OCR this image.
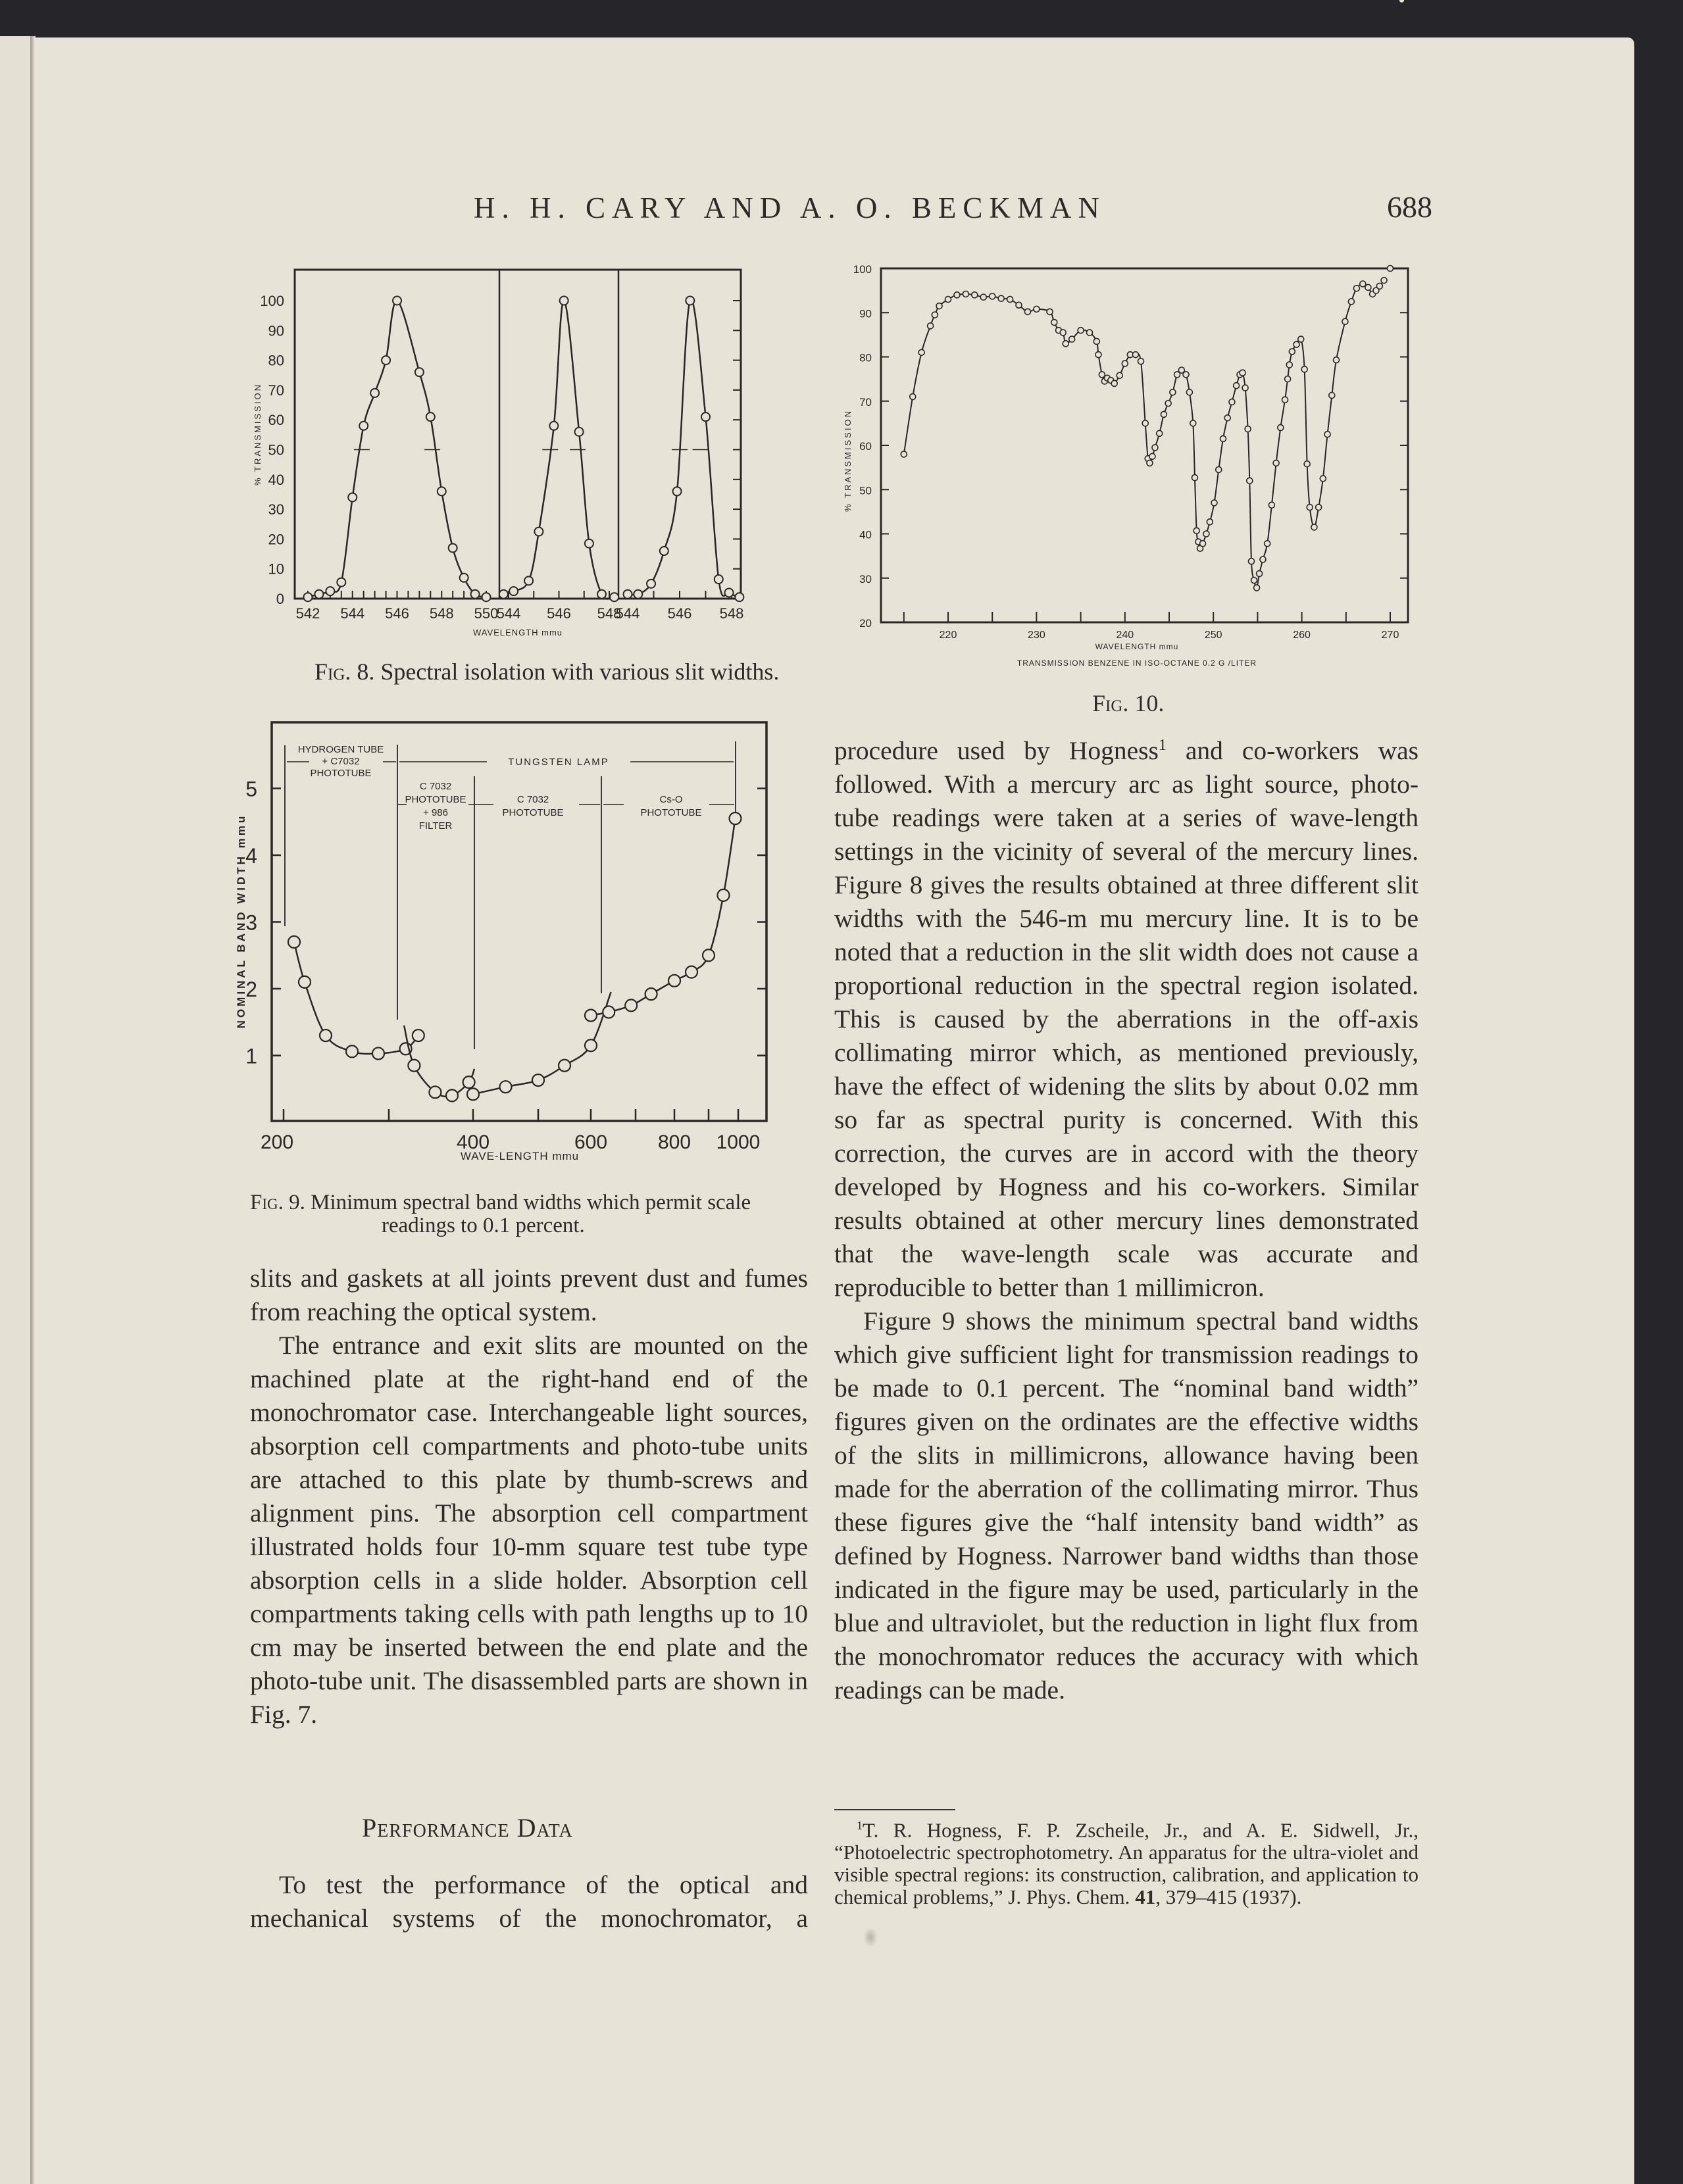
H. H. CARY AND A. O. BECKMAN	688
0
10
20
30
40
50
60
70
80
90
100
% TRANSMISSION
WAVELENGTH mmu
542 544 546 548 550
544 546 548
544 546 548
1
2
3
4
5
200	400	600	800 1000
NOMINAL BAND WIDTH mmu
WAVE-LENGTH mmu
HYDROGEN TUBE
+ C7032
PHOTOTUBE
TUNGSTEN LAMP
C 7032
PHOTOTUBE
+ 986
FILTER
C 7032
PHOTOTUBE
Cs-O
PHOTOTUBE
20
30
40
50
60
70
80
90
100
220	230	240	250	260	270
% TRANSMISSION
WAVELENGTH mmu
TRANSMISSION BENZENE IN ISO-OCTANE 0.2 G /LITER
Fig. 8. Spectral isolation with various slit widths.
Fig. 9. Minimum spectral band widths which permit scale
readings to 0.1 percent.
Fig. 10.

slits and gaskets at all joints prevent dust and fumes from reaching the optical system.

The entrance and exit slits are mounted on the machined plate at the right-hand end of the monochromator case. Interchangeable light sources, absorption cell compartments and photo-tube units are attached to this plate by thumb-screws and alignment pins. The absorption cell compartment illustrated holds four 10-mm square test tube type absorption cells in a slide holder. Absorption cell compartments taking cells with path lengths up to 10 cm may be inserted between the end plate and the photo-tube unit. The disassembled parts are shown in Fig. 7.

Performance Data

To test the performance of the optical and mechanical systems of the monochromator, a

procedure used by Hogness$^1$ and co-workers was followed. With a mercury arc as light source, photo-tube readings were taken at a series of wave-length settings in the vicinity of several of the mercury lines. Figure 8 gives the results obtained at three different slit widths with the 546-m mu mercury line. It is to be noted that a reduction in the slit width does not cause a proportional reduction in the spectral region isolated. This is caused by the aberrations in the off-axis collimating mirror which, as mentioned previously, have the effect of widening the slits by about 0.02 mm so far as spectral purity is concerned. With this correction, the curves are in accord with the theory developed by Hogness and his co-workers. Similar results obtained at other mercury lines demonstrated that the wave-length scale was accurate and reproducible to better than 1 millimicron.

Figure 9 shows the minimum spectral band widths which give sufficient light for transmission readings to be made to 0.1 percent. The “nominal band width” figures given on the ordinates are the effective widths of the slits in millimicrons, allowance having been made for the aberration of the collimating mirror. Thus these figures give the “half intensity band width” as defined by Hogness. Narrower band widths than those indicated in the figure may be used, particularly in the blue and ultraviolet, but the reduction in light flux from the monochromator reduces the accuracy with which readings can be made.

$^1$T. R. Hogness, F. P. Zscheile, Jr., and A. E. Sidwell, Jr., “Photoelectric spectrophotometry. An apparatus for the ultra-violet and visible spectral regions: its construction, calibration, and application to chemical problems,” J. Phys. Chem. 41, 379–415 (1937).
